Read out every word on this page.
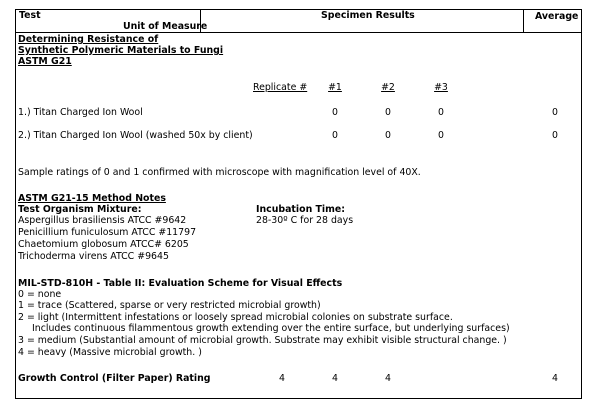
Test
Unit of Measure
Specimen Results	Average
Determining Resistance of
Synthetic Polymeric Materials to Fungi
ASTM G21
Replicate #	#1	#2	#3
1.) Titan Charged Ion Wool	0	0	0	0
2.) Titan Charged Ion Wool (washed 50x by client)	0	0	0	0
Sample ratings of 0 and 1 confirmed with microscope with magnification level of 40X.
ASTM G21-15 Method Notes
Test Organism Mixture:
Aspergillus brasiliensis ATCC #9642
Penicillium funiculosum ATCC #11797
Chaetomium globosum ATCC# 6205
Trichoderma virens ATCC #9645
Incubation Time:
28-30º C for 28 days
MIL-STD-810H - Table II: Evaluation Scheme for Visual Effects
0 = none
1 = trace (Scattered, sparse or very restricted microbial growth)
2 = light (Intermittent infestations or loosely spread microbial colonies on substrate surface.
Includes continuous filammentous growth extending over the entire surface, but underlying surfaces)
3 = medium (Substantial amount of microbial growth. Substrate may exhibit visible structural change. )
4 = heavy (Massive microbial growth. )
Growth Control (Filter Paper) Rating	4	4	4	4
